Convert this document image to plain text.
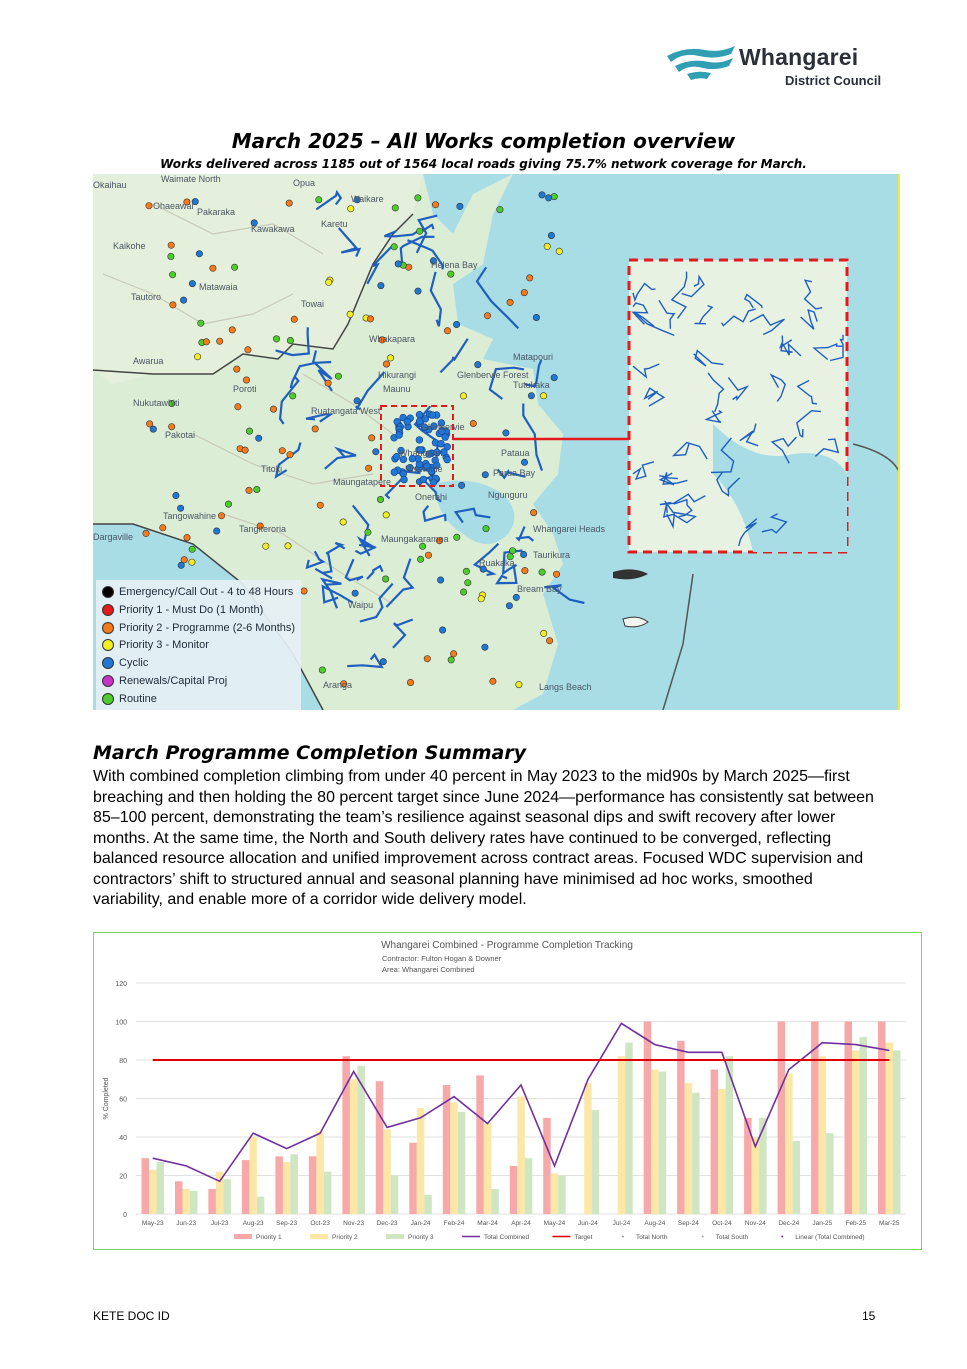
Whangarei
District Council
March 2025 – All Works completion overview
Works delivered across 1185 out of 1564 local roads giving 75.7% network coverage for March.
Okaihau
Waimate North
Ohaeawai
Pakaraka
Kaikohe
Kawakawa	Karetu
Opua
Waikare
Matawaia
Towai
Tautoro
Helena Bay
Awarua
Whakapara
Hikurangi	Glenbervie Forest
Nukutawhiti
Poroti	Maunu
Pakotai
Titoki
Maungatapere
Tangowahine
Tangiteroria
Ruatangata West
Waipu
Bream Bay
Maungakaramea
Pataua
Tutukaka
Matapouri
Ngunguru
Onerahi
Ruakaka
Langs Beach
Aranga
Glenbervie
Riverside	Parua Bay
Whangarei Heads
Taurikura
Dargaville
Whangarei
Emergency/Call Out - 4 to 48 Hours
Priority 1 - Must Do (1 Month)
Priority 2 - Programme (2-6 Months)
Priority 3 - Monitor
Cyclic
Renewals/Capital Proj
Routine
March Programme Completion Summary
With combined completion climbing from under 40 percent in May 2023 to the mid90s by March 2025—first breaching and then holding the 80 percent target since June 2024—performance has consistently sat between 85–100 percent, demonstrating the team’s resilience against seasonal dips and swift recovery after lower months. At the same time, the North and South delivery rates have continued to be converged, reflecting balanced resource allocation and unified improvement across contract areas. Focused WDC supervision and contractors’ shift to structured annual and seasonal planning have minimised ad hoc works, smoothed variability, and enable more of a corridor wide delivery model.
Whangarei Combined - Programme Completion Tracking
Contractor: Fulton Hogan & Downer
Area: Whangarei Combined
0
20
40
60
80
100
120
% Completed
May-23 Jun-23 Jul-23 Aug-23 Sep-23 Oct-23 Nov-23 Dec-23 Jan-24 Feb-24 Mar-24 Apr-24 May-24 Jun-24 Jul-24 Aug-24 Sep-24 Oct-24 Nov-24 Dec-24 Jan-25 Feb-25 Mar-25
Priority 1	Priority 2	Priority 3	Total Combined	Target	Total North	Total South	Linear (Total Combined)
KETE DOC ID	15
